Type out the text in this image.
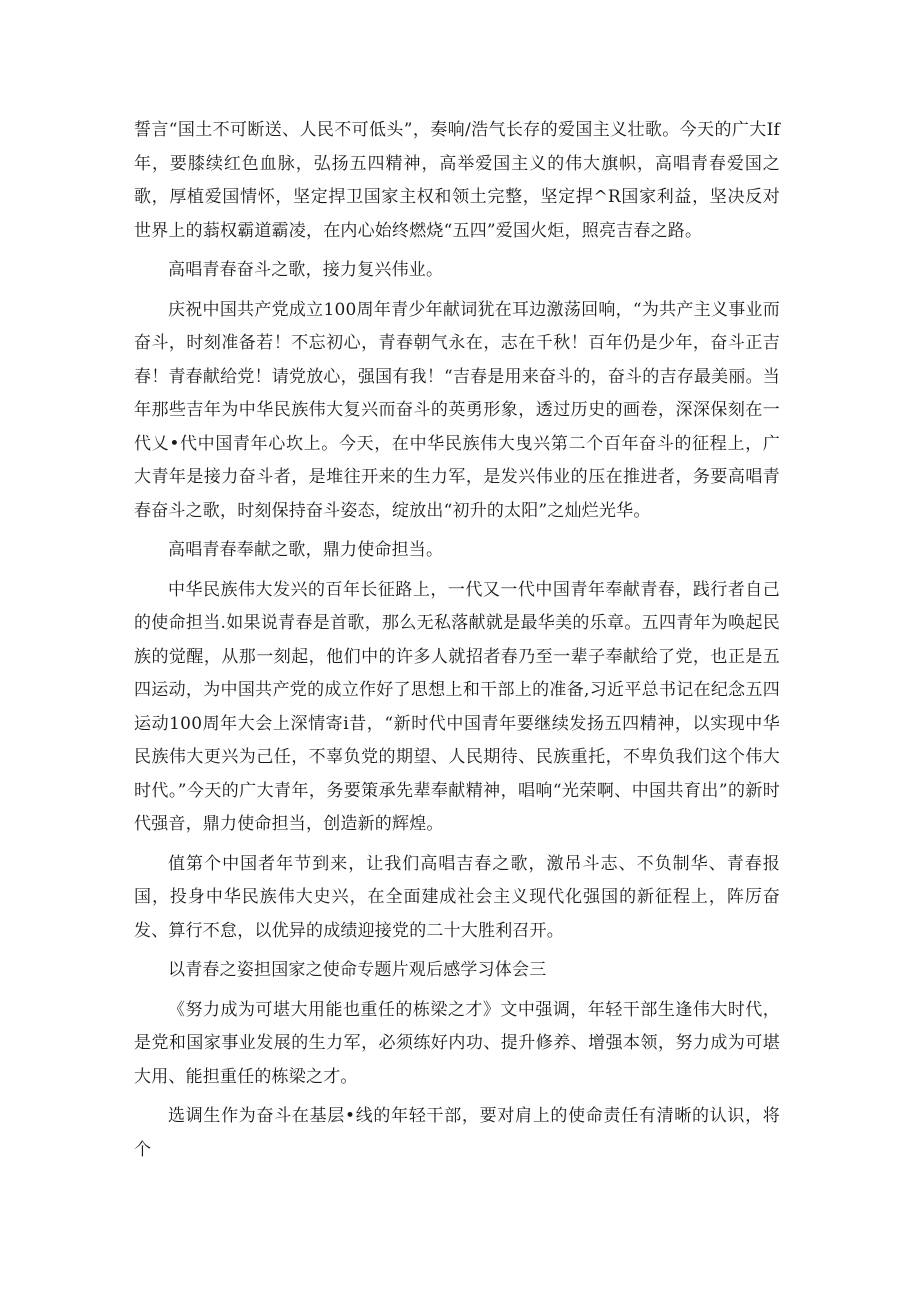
誓言“国土不可断送、人民不可低头”，奏响/浩气长存的爱国主义壮歌。今天的广大If年，要膝续红色血脉，弘扬五四精神，高举爱国主义的伟大旗帜，高唱青春爱国之歌，厚植爱国情怀，坚定捍卫国家主权和领土完整，坚定捍^R国家利益，坚决反对世界上的蓊权霸道霸凌，在内心始终燃烧“五四”爱国火炬，照亮吉春之路。

高唱青春奋斗之歌，接力复兴伟业。

庆祝中国共产党成立100周年青少年献词犹在耳边激荡回响，“为共产主义事业而奋斗，时刻准备若！不忘初心，青春朝气永在，志在千秋！百年仍是少年，奋斗正吉春！青春献给党！请党放心，强国有我！“吉春是用来奋斗的，奋斗的吉存最美丽。当年那些吉年为中华民族伟大复兴而奋斗的英勇形象，透过历史的画卷，深深保刻在一代乂•代中国青年心坎上。今天，在中华民族伟大曳兴第二个百年奋斗的征程上，广大青年是接力奋斗者，是堆往开来的生力军，是发兴伟业的压在推进者，务要高唱青春奋斗之歌，时刻保持奋斗姿态，绽放出“初升的太阳”之灿烂光华。

高唱青春奉献之歌，鼎力使命担当。

中华民族伟大发兴的百年长征路上，一代又一代中国青年奉献青春，践行者自己的使命担当.如果说青春是首歌，那么无私落献就是最华美的乐章。五四青年为唤起民族的觉醒，从那一刻起，他们中的许多人就招者春乃至一辈子奉献给了党，也正是五四运动，为中国共产党的成立作好了思想上和干部上的准备,习近平总书记在纪念五四运动100周年大会上深情寄i昔，“新时代中国青年要继续发扬五四精神，以实现中华民族伟大更兴为己任，不辜负党的期望、人民期待、民族重托，不卑负我们这个伟大时代。”今天的广大青年，务要策承先辈奉献精神，唱响“光荣啊、中国共育出”的新时代强音，鼎力使命担当，创造新的辉煌。

值第个中国者年节到来，让我们高唱吉春之歌，激吊斗志、不负制华、青春报国，投身中华民族伟大史兴，在全面建成社会主义现代化强国的新征程上，阵厉奋发、算行不怠，以优异的成绩迎接党的二十大胜利召开。

以青春之姿担国家之使命专题片观后感学习体会三

《努力成为可堪大用能也重任的栋梁之才》文中强调，年轻干部生逢伟大时代，是党和国家事业发展的生力军，必须练好内功、提升修养、增强本领，努力成为可堪大用、能担重任的栋梁之才。

选调生作为奋斗在基层•线的年轻干部，要对肩上的使命责任有清晰的认识，将个
